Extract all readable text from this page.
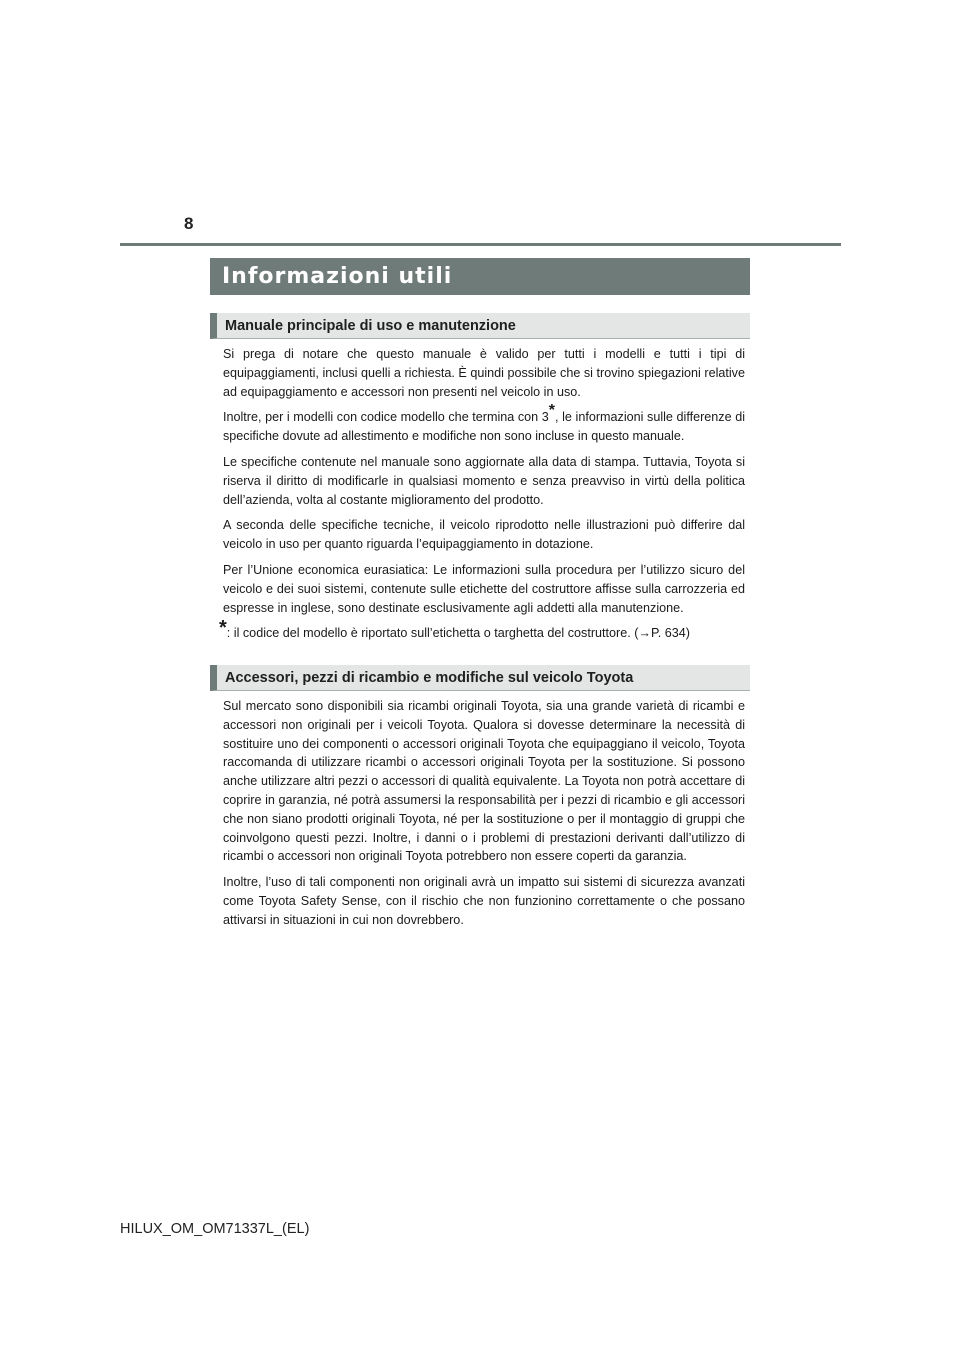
8
Informazioni utili
Manuale principale di uso e manutenzione

Si prega di notare che questo manuale è valido per tutti i modelli e tutti i tipi di equipaggiamenti, inclusi quelli a richiesta. È quindi possibile che si trovino spiegazioni relative ad equipaggiamento e accessori non presenti nel veicolo in uso.

Inoltre, per i modelli con codice modello che termina con 3*, le informazioni sulle differenze di specifiche dovute ad allestimento e modifiche non sono incluse in questo manuale.

Le specifiche contenute nel manuale sono aggiornate alla data di stampa. Tuttavia, Toyota si riserva il diritto di modificarle in qualsiasi momento e senza preavviso in virtù della politica dell’azienda, volta al costante miglioramento del prodotto.

A seconda delle specifiche tecniche, il veicolo riprodotto nelle illustrazioni può differire dal veicolo in uso per quanto riguarda l’equipaggiamento in dotazione.

Per l’Unione economica eurasiatica: Le informazioni sulla procedura per l’utilizzo sicuro del veicolo e dei suoi sistemi, contenute sulle etichette del costruttore affisse sulla carrozzeria ed espresse in inglese, sono destinate esclusivamente agli addetti alla manutenzione.

*: il codice del modello è riportato sull’etichetta o targhetta del costruttore. (→P. 634)

Accessori, pezzi di ricambio e modifiche sul veicolo Toyota

Sul mercato sono disponibili sia ricambi originali Toyota, sia una grande varietà di ricambi e accessori non originali per i veicoli Toyota. Qualora si dovesse determinare la necessità di sostituire uno dei componenti o accessori originali Toyota che equipaggiano il veicolo, Toyota raccomanda di utilizzare ricambi o accessori originali Toyota per la sostituzione. Si possono anche utilizzare altri pezzi o accessori di qualità equivalente. La Toyota non potrà accettare di coprire in garanzia, né potrà assumersi la responsabilità per i pezzi di ricambio e gli accessori che non siano prodotti originali Toyota, né per la sostituzione o per il montaggio di gruppi che coinvolgono questi pezzi. Inoltre, i danni o i problemi di prestazioni derivanti dall’utilizzo di ricambi o accessori non originali Toyota potrebbero non essere coperti da garanzia.

Inoltre, l’uso di tali componenti non originali avrà un impatto sui sistemi di sicurezza avanzati come Toyota Safety Sense, con il rischio che non funzionino correttamente o che possano attivarsi in situazioni in cui non dovrebbero.

HILUX_OM_OM71337L_(EL)
